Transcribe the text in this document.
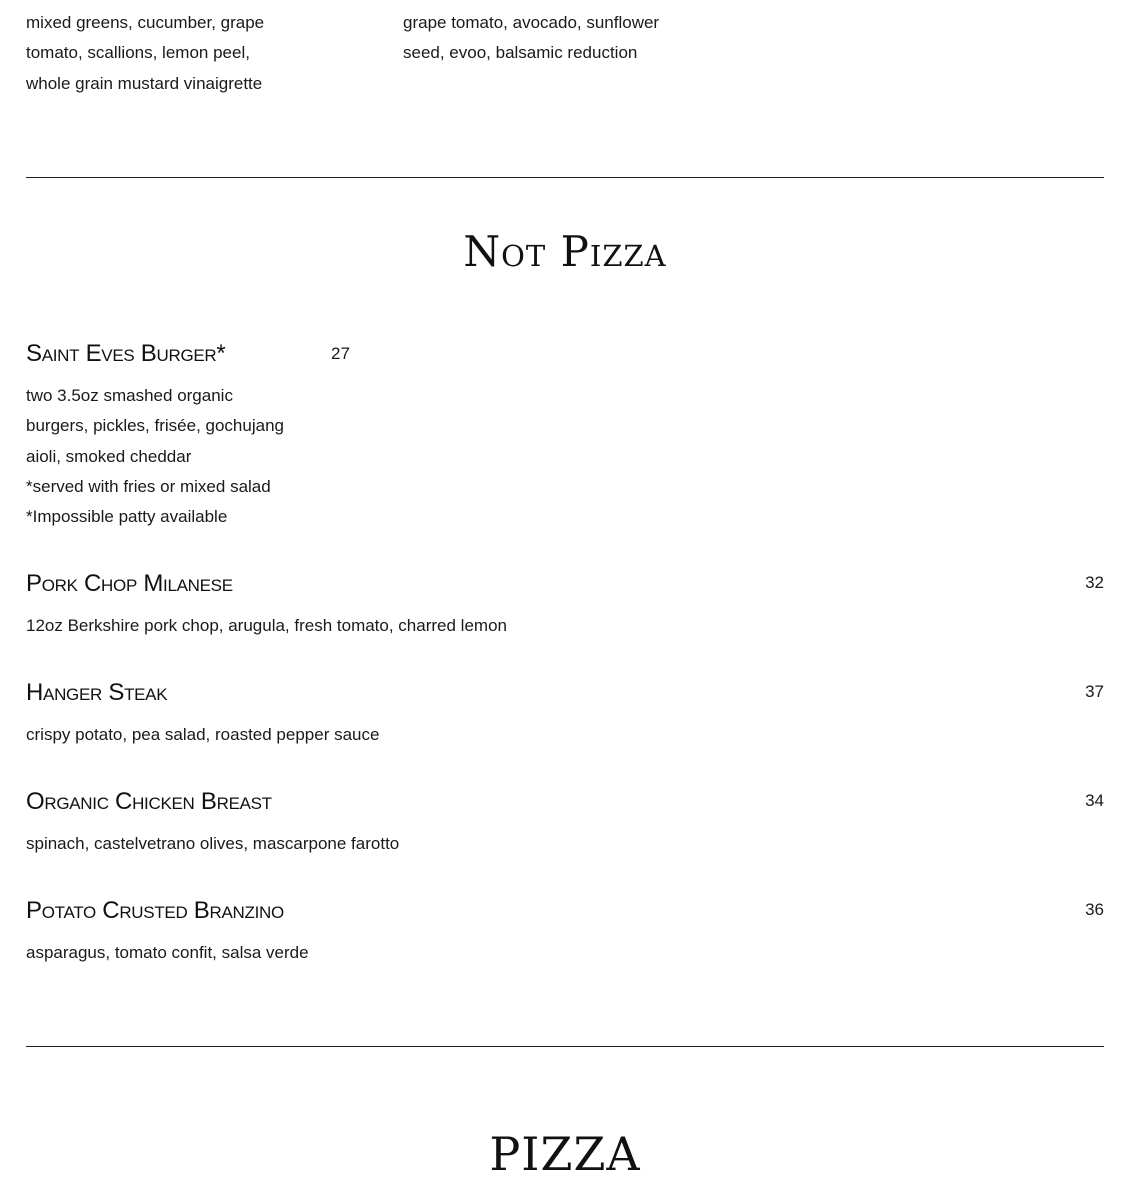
mixed greens, cucumber, grape
tomato, scallions, lemon peel,
whole grain mustard vinaigrette
grape tomato, avocado, sunflower
seed, evoo, balsamic reduction
Not Pizza
Saint Eves Burger*	27
two 3.5oz smashed organic
burgers, pickles, frisée, gochujang
aioli, smoked cheddar
*served with fries or mixed salad
*Impossible patty available
Pork Chop Milanese	32
12oz Berkshire pork chop, arugula, fresh tomato, charred lemon
Hanger Steak	37
crispy potato, pea salad, roasted pepper sauce
Organic Chicken Breast	34
spinach, castelvetrano olives, mascarpone farotto
Potato Crusted Branzino	36
asparagus, tomato confit, salsa verde
PIZZA
